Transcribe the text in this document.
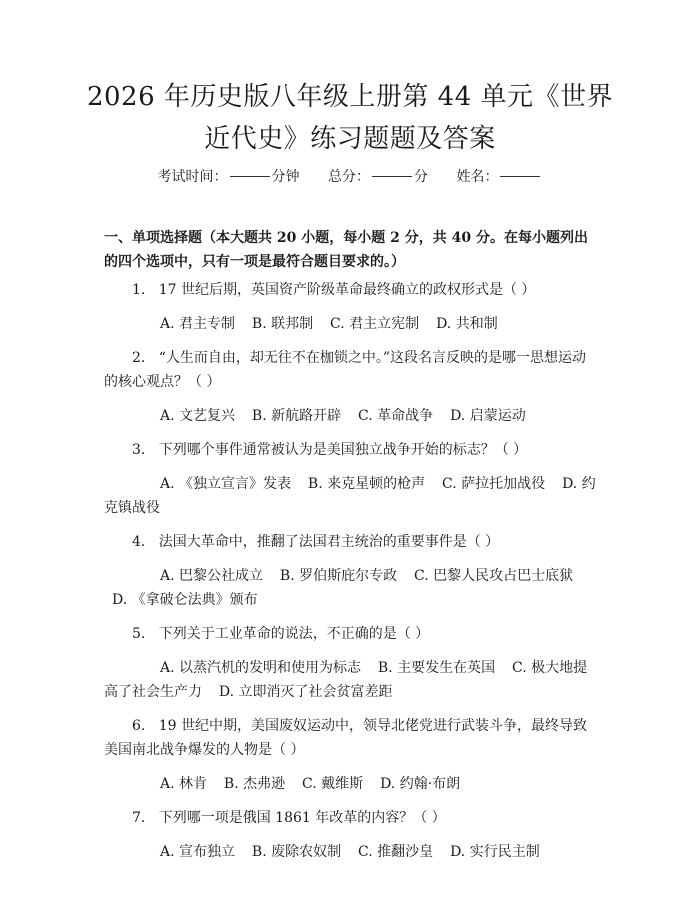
2026 年历史版八年级上册第 44 单元《世界
近代史》练习题题及答案
考试时间：	分钟 总分：	分 姓名：
一、单项选择题（本大题共 20 小题，每小题 2 分，共 40 分。在每小题列出的四个选项中，只有一项是最符合题目要求的。）

1. 17 世纪后期，英国资产阶级革命最终确立的政权形式是（ ）

A. 君主专制 B. 联邦制 C. 君主立宪制 D. 共和制

2. “人生而自由，却无往不在枷锁之中。”这段名言反映的是哪一思想运动的核心观点？（ ）

A. 文艺复兴 B. 新航路开辟 C. 革命战争 D. 启蒙运动

3. 下列哪个事件通常被认为是美国独立战争开始的标志？（ ）

A. 《独立宣言》发表 B. 来克星顿的枪声 C. 萨拉托加战役 D. 约克镇战役

4. 法国大革命中，推翻了法国君主统治的重要事件是（ ）

A. 巴黎公社成立 B. 罗伯斯庇尔专政 C. 巴黎人民攻占巴士底狱  D. 《拿破仑法典》颁布

5. 下列关于工业革命的说法，不正确的是（ ）

A. 以蒸汽机的发明和使用为标志 B. 主要发生在英国 C. 极大地提高了社会生产力 D. 立即消灭了社会贫富差距

6. 19 世纪中期，美国废奴运动中，领导北佬党进行武装斗争，最终导致美国南北战争爆发的人物是（ ）

A. 林肯 B. 杰弗逊 C. 戴维斯 D. 约翰·布朗

7. 下列哪一项是俄国 1861 年改革的内容？（ ）

A. 宣布独立 B. 废除农奴制 C. 推翻沙皇 D. 实行民主制
